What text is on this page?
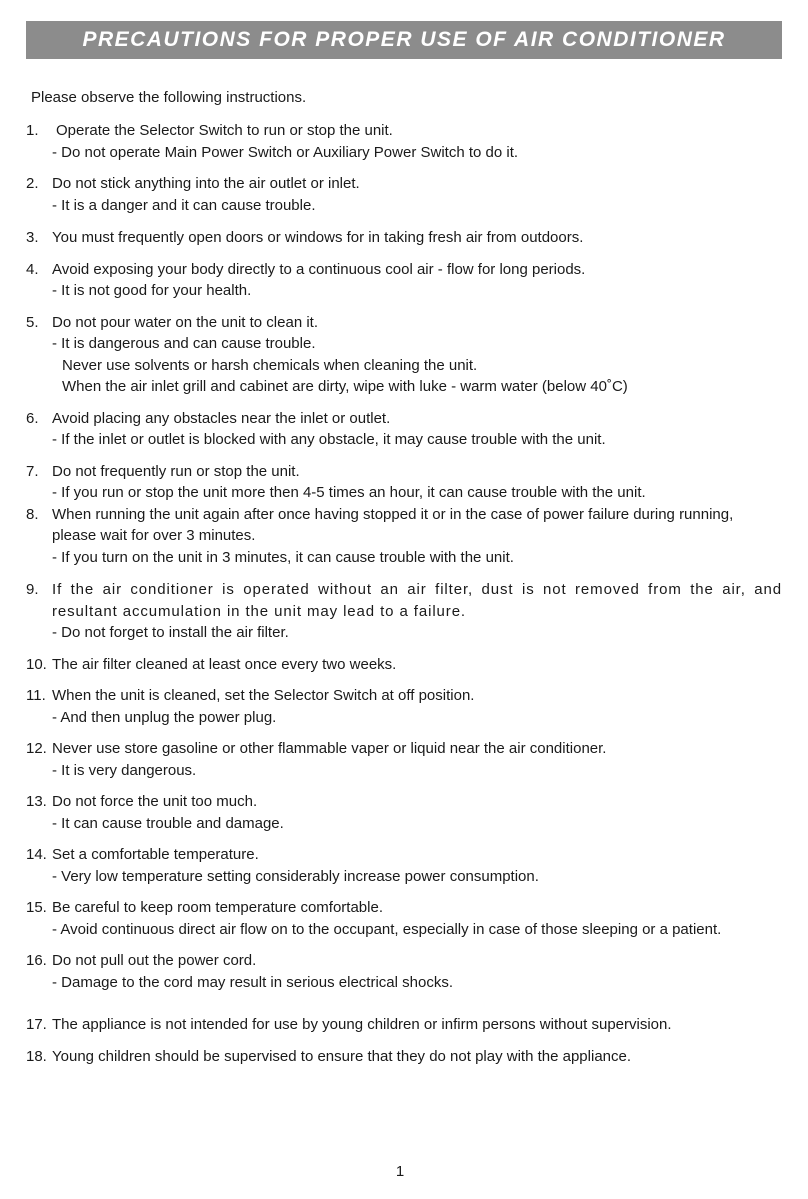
PRECAUTIONS FOR PROPER USE OF AIR CONDITIONER
Please observe the following instructions.
1. Operate the Selector Switch to run or stop the unit.
- Do not operate Main Power Switch or Auxiliary Power Switch to do it.
2. Do not stick anything into the air outlet or inlet.
- It is a danger and it can cause trouble.
3. You must frequently open doors or windows for in taking fresh air from outdoors.
4. Avoid exposing your body directly to a continuous cool air - flow for long periods.
- It is not good for your health.
5. Do not pour water on the unit to clean it.
- It is dangerous and can cause trouble.
Never use solvents or harsh chemicals when cleaning the unit.
When the air inlet grill and cabinet are dirty, wipe with luke - warm water (below 40˚C)
6. Avoid placing any obstacles near the inlet or outlet.
- If the inlet or outlet is blocked with any obstacle, it may cause trouble with the unit.
7. Do not frequently run or stop the unit.
- If you run or stop the unit more then 4-5 times an hour, it can cause trouble with the unit.
8. When running the unit again after once having stopped it or in the case of power failure during running,
please wait for over 3 minutes.
- If you turn on the unit in 3 minutes, it can cause trouble with the unit.
9. If the air conditioner is operated without an air filter, dust is not removed from the air, and resultant accumulation in the unit may lead to a failure.
- Do not forget to install the air filter.
10. The air filter cleaned at least once every two weeks.
11. When the unit is cleaned, set the Selector Switch at off position.
- And then unplug the power plug.
12. Never use store gasoline or other flammable vaper or liquid near the air conditioner.
- It is very dangerous.
13. Do not force the unit too much.
- It can cause trouble and damage.
14. Set a comfortable temperature.
- Very low temperature setting considerably increase power consumption.
15. Be careful to keep room temperature comfortable.
- Avoid continuous direct air flow on to the occupant, especially in case of those sleeping or a patient.
16. Do not pull out the power cord.
- Damage to the cord may result in serious electrical shocks.
17. The appliance is not intended for use by young children or infirm persons without supervision.
18. Young children should be supervised to ensure that they do not play with the appliance.
1
